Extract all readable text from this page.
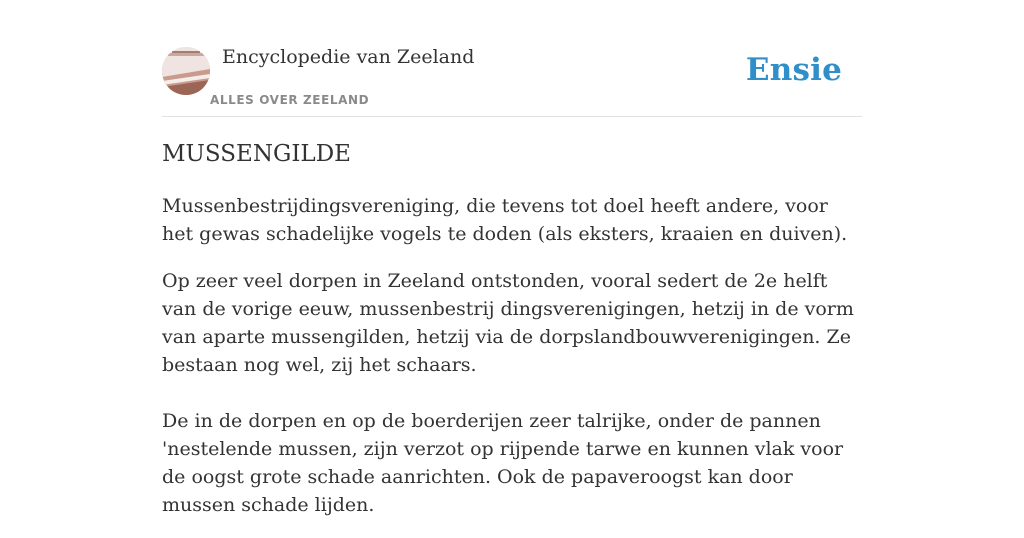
Encyclopedie van Zeeland
ALLES OVER ZEELAND
Ensie
MUSSENGILDE

Mussenbestrijdingsvereniging, die tevens tot doel heeft andere, voor het gewas schadelijke vogels te doden (als eksters, kraaien en duiven).

Op zeer veel dorpen in Zeeland ontstonden, vooral sedert de 2e helft van de vorige eeuw, mussenbestrij dingsverenigingen, hetzij in de vorm van aparte mussengilden, hetzij via de dorpslandbouwverenigingen. Ze bestaan nog wel, zij het schaars.

De in de dorpen en op de boerderijen zeer talrijke, onder de pannen 'nestelende mussen, zijn verzot op rijpende tarwe en kunnen vlak voor de oogst grote schade aanrichten. Ook de papaveroogst kan door mussen schade lijden.
